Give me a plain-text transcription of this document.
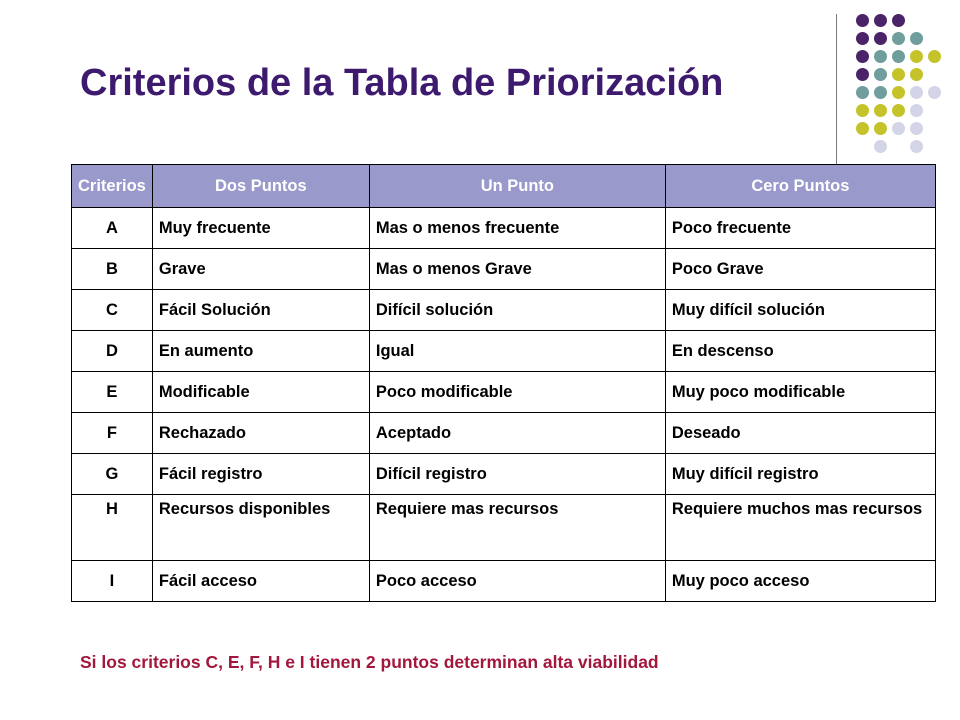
Criterios de la Tabla de Priorización
Criterios	Dos Puntos	Un Punto	Cero Puntos
A	Muy frecuente	Mas o menos frecuente	Poco frecuente
B	Grave	Mas o menos Grave	Poco Grave
C	Fácil Solución	Difícil solución	Muy difícil solución
D	En aumento	Igual	En descenso
E	Modificable	Poco modificable	Muy poco modificable
F	Rechazado	Aceptado	Deseado
G	Fácil registro	Difícil registro	Muy difícil registro
H	Recursos disponibles	Requiere mas recursos	Requiere muchos mas recursos
I	Fácil acceso	Poco acceso	Muy poco acceso
Si los criterios C, E, F, H e I tienen 2 puntos determinan alta viabilidad
